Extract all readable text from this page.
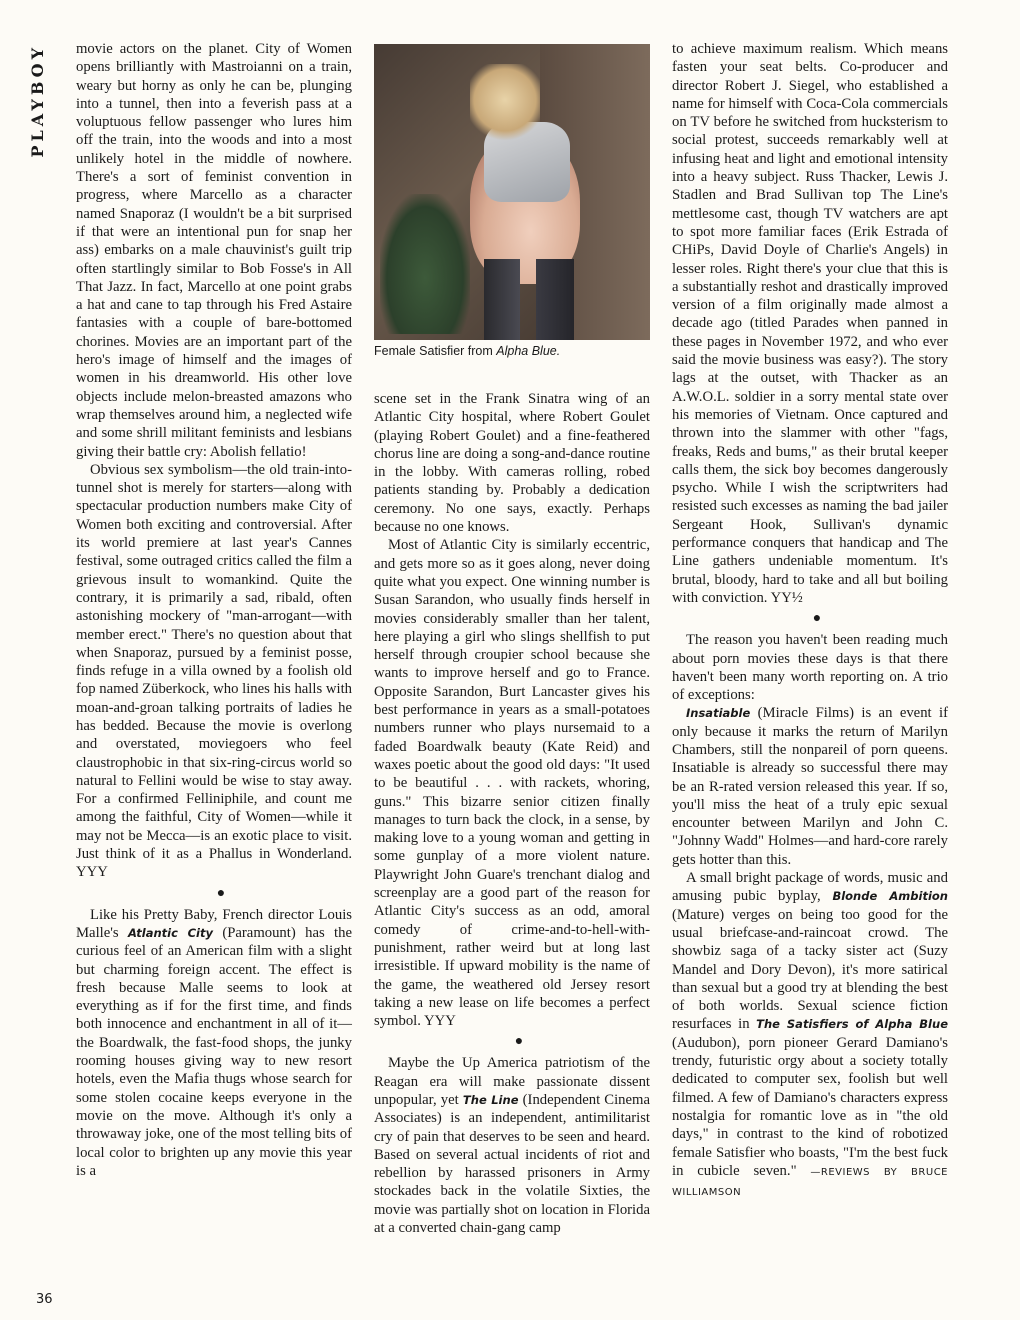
PLAYBOY
36

movie actors on the planet. City of Women opens brilliantly with Mastroianni on a train, weary but horny as only he can be, plunging into a tunnel, then into a feverish pass at a voluptuous fellow passenger who lures him off the train, into the woods and into a most unlikely hotel in the middle of nowhere. There's a sort of feminist convention in progress, where Marcello as a character named Snaporaz (I wouldn't be a bit surprised if that were an intentional pun for snap her ass) embarks on a male chauvinist's guilt trip often startlingly similar to Bob Fosse's in All That Jazz. In fact, Marcello at one point grabs a hat and cane to tap through his Fred Astaire fantasies with a couple of bare-bottomed chorines. Movies are an important part of the hero's image of himself and the images of women in his dreamworld. His other love objects include melon-breasted amazons who wrap themselves around him, a neglected wife and some shrill militant feminists and lesbians giving their battle cry: Abolish fellatio!

Obvious sex symbolism—the old train-into-tunnel shot is merely for starters—along with spectacular production numbers make City of Women both exciting and controversial. After its world premiere at last year's Cannes festival, some outraged critics called the film a grievous insult to womankind. Quite the contrary, it is primarily a sad, ribald, often astonishing mockery of "man-arrogant—with member erect." There's no question about that when Snaporaz, pursued by a feminist posse, finds refuge in a villa owned by a foolish old fop named Züberkock, who lines his halls with moan-and-groan talking portraits of ladies he has bedded. Because the movie is overlong and overstated, moviegoers who feel claustrophobic in that six-ring-circus world so natural to Fellini would be wise to stay away. For a confirmed Felliniphile, and count me among the faithful, City of Women—while it may not be Mecca—is an exotic place to visit. Just think of it as a Phallus in Wonderland. YYY

●

Like his Pretty Baby, French director Louis Malle's Atlantic City (Paramount) has the curious feel of an American film with a slight but charming foreign accent. The effect is fresh because Malle seems to look at everything as if for the first time, and finds both innocence and enchantment in all of it—the Boardwalk, the fast-food shops, the junky rooming houses giving way to new resort hotels, even the Mafia thugs whose search for some stolen cocaine keeps everyone in the movie on the move. Although it's only a throwaway joke, one of the most telling bits of local color to brighten up any movie this year is a

Female Satisfier from Alpha Blue.

scene set in the Frank Sinatra wing of an Atlantic City hospital, where Robert Goulet (playing Robert Goulet) and a fine-feathered chorus line are doing a song-and-dance routine in the lobby. With cameras rolling, robed patients standing by. Probably a dedication ceremony. No one says, exactly. Perhaps because no one knows.

Most of Atlantic City is similarly eccentric, and gets more so as it goes along, never doing quite what you expect. One winning number is Susan Sarandon, who usually finds herself in movies considerably smaller than her talent, here playing a girl who slings shellfish to put herself through croupier school because she wants to improve herself and go to France. Opposite Sarandon, Burt Lancaster gives his best performance in years as a small-potatoes numbers runner who plays nursemaid to a faded Boardwalk beauty (Kate Reid) and waxes poetic about the good old days: "It used to be beautiful . . . with rackets, whoring, guns." This bizarre senior citizen finally manages to turn back the clock, in a sense, by making love to a young woman and getting in some gunplay of a more violent nature. Playwright John Guare's trenchant dialog and screenplay are a good part of the reason for Atlantic City's success as an odd, amoral comedy of crime-and-to-hell-with-punishment, rather weird but at long last irresistible. If upward mobility is the name of the game, the weathered old Jersey resort taking a new lease on life becomes a perfect symbol. YYY

●

Maybe the Up America patriotism of the Reagan era will make passionate dissent unpopular, yet The Line (Independent Cinema Associates) is an independent, antimilitarist cry of pain that deserves to be seen and heard. Based on several actual incidents of riot and rebellion by harassed prisoners in Army stockades back in the volatile Sixties, the movie was partially shot on location in Florida at a converted chain-gang camp

to achieve maximum realism. Which means fasten your seat belts. Co-producer and director Robert J. Siegel, who established a name for himself with Coca-Cola commercials on TV before he switched from hucksterism to social protest, succeeds remarkably well at infusing heat and light and emotional intensity into a heavy subject. Russ Thacker, Lewis J. Stadlen and Brad Sullivan top The Line's mettlesome cast, though TV watchers are apt to spot more familiar faces (Erik Estrada of CHiPs, David Doyle of Charlie's Angels) in lesser roles. Right there's your clue that this is a substantially reshot and drastically improved version of a film originally made almost a decade ago (titled Parades when panned in these pages in November 1972, and who ever said the movie business was easy?). The story lags at the outset, with Thacker as an A.W.O.L. soldier in a sorry mental state over his memories of Vietnam. Once captured and thrown into the slammer with other "fags, freaks, Reds and bums," as their brutal keeper calls them, the sick boy becomes dangerously psycho. While I wish the scriptwriters had resisted such excesses as naming the bad jailer Sergeant Hook, Sullivan's dynamic performance conquers that handicap and The Line gathers undeniable momentum. It's brutal, bloody, hard to take and all but boiling with conviction. YY½

●

The reason you haven't been reading much about porn movies these days is that there haven't been many worth reporting on. A trio of exceptions:

Insatiable (Miracle Films) is an event if only because it marks the return of Marilyn Chambers, still the nonpareil of porn queens. Insatiable is already so successful there may be an R-rated version released this year. If so, you'll miss the heat of a truly epic sexual encounter between Marilyn and John C. "Johnny Wadd" Holmes—and hard-core rarely gets hotter than this.

A small bright package of words, music and amusing pubic byplay, Blonde Ambition (Mature) verges on being too good for the usual briefcase-and-raincoat crowd. The showbiz saga of a tacky sister act (Suzy Mandel and Dory Devon), it's more satirical than sexual but a good try at blending the best of both worlds. Sexual science fiction resurfaces in The Satisfiers of Alpha Blue (Audubon), porn pioneer Gerard Damiano's trendy, futuristic orgy about a society totally dedicated to computer sex, foolish but well filmed. A few of Damiano's characters express nostalgia for romantic love as in "the old days," in contrast to the kind of robotized female Satisfier who boasts, "I'm the best fuck in cubicle seven." —REVIEWS BY BRUCE WILLIAMSON
